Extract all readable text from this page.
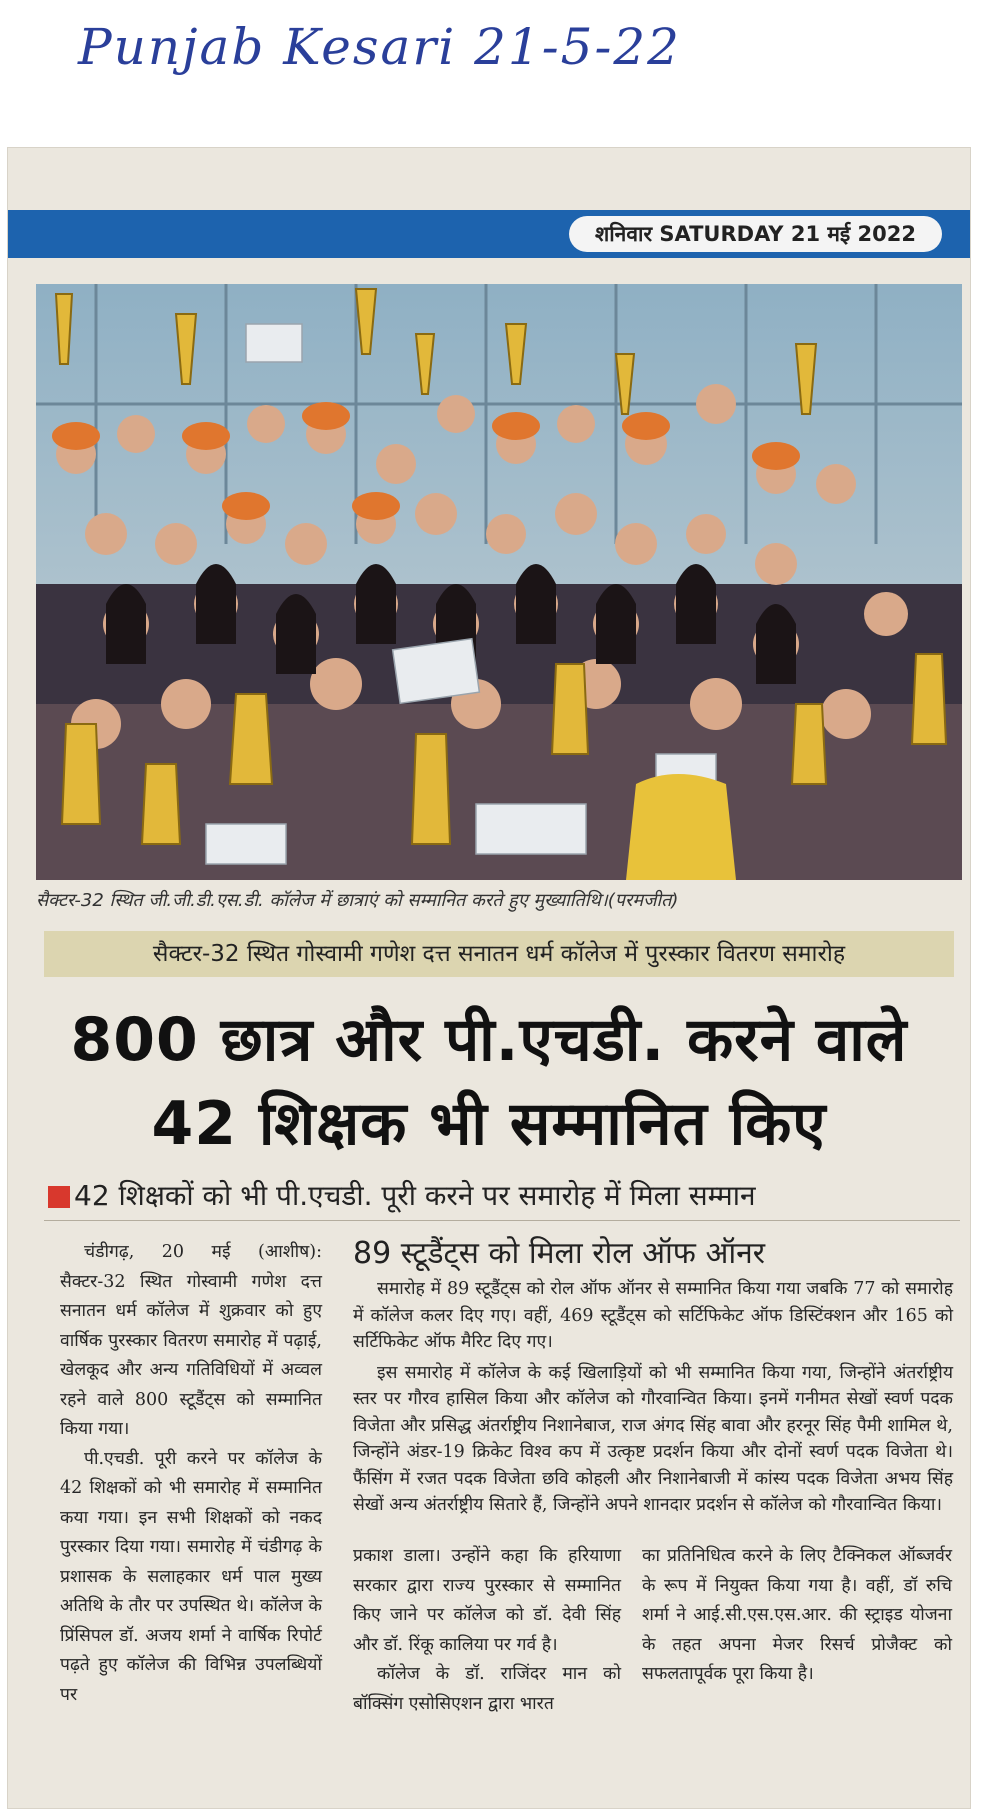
Punjab Kesari 21-5-22
शनिवार SATURDAY 21 मई 2022
सैक्टर-32 स्थित जी.जी.डी.एस.डी. कॉलेज में छात्राएं को सम्मानित करते हुए मुख्यातिथि।(परमजीत)
सैक्टर-32 स्थित गोस्वामी गणेश दत्त सनातन धर्म कॉलेज में पुरस्कार वितरण समारोह
800 छात्र और पी.एचडी. करने वाले
42 शिक्षक भी सम्मानित किए
42 शिक्षकों को भी पी.एचडी. पूरी करने पर समारोह में मिला सम्मान

चंडीगढ़, 20 मई (आशीष): सैक्टर-32 स्थित गोस्वामी गणेश दत्त सनातन धर्म कॉलेज में शुक्रवार को हुए वार्षिक पुरस्कार वितरण समारोह में पढ़ाई, खेलकूद और अन्य गतिविधियों में अव्वल रहने वाले 800 स्टूडैंट्स को सम्मानित किया गया।

पी.एचडी. पूरी करने पर कॉलेज के 42 शिक्षकों को भी समारोह में सम्मानित कया गया। इन सभी शिक्षकों को नकद पुरस्कार दिया गया। समारोह में चंडीगढ़ के प्रशासक के सलाहकार धर्म पाल मुख्य अतिथि के तौर पर उपस्थित थे। कॉलेज के प्रिंसिपल डॉ. अजय शर्मा ने वार्षिक रिपोर्ट पढ़ते हुए कॉलेज की विभिन्न उपलब्धियों पर

89 स्टूडैंट्स को मिला रोल ऑफ ऑनर

समारोह में 89 स्टूडैंट्स को रोल ऑफ ऑनर से सम्मानित किया गया जबकि 77 को समारोह में कॉलेज कलर दिए गए। वहीं, 469 स्टूडैंट्स को सर्टिफिकेट ऑफ डिस्टिंक्शन और 165 को सर्टिफिकेट ऑफ मैरिट दिए गए।

इस समारोह में कॉलेज के कई खिलाड़ियों को भी सम्मानित किया गया, जिन्होंने अंतर्राष्ट्रीय स्तर पर गौरव हासिल किया और कॉलेज को गौरवान्वित किया। इनमें गनीमत सेखों स्वर्ण पदक विजेता और प्रसिद्ध अंतर्राष्ट्रीय निशानेबाज, राज अंगद सिंह बावा और हरनूर सिंह पैमी शामिल थे, जिन्होंने अंडर-19 क्रिकेट विश्व कप में उत्कृष्ट प्रदर्शन किया और दोनों स्वर्ण पदक विजेता थे। फैंसिंग में रजत पदक विजेता छवि कोहली और निशानेबाजी में कांस्य पदक विजेता अभय सिंह सेखों अन्य अंतर्राष्ट्रीय सितारे हैं, जिन्होंने अपने शानदार प्रदर्शन से कॉलेज को गौरवान्वित किया।

प्रकाश डाला। उन्होंने कहा कि हरियाणा सरकार द्वारा राज्य पुरस्कार से सम्मानित किए जाने पर कॉलेज को डॉ. देवी सिंह और डॉ. रिंकू कालिया पर गर्व है।

कॉलेज के डॉ. राजिंदर मान को बॉक्सिंग एसोसिएशन द्वारा भारत

का प्रतिनिधित्व करने के लिए टैक्निकल ऑब्जर्वर के रूप में नियुक्त किया गया है। वहीं, डॉ रुचि शर्मा ने आई.सी.एस.एस.आर. की स्ट्राइड योजना के तहत अपना मेजर रिसर्च प्रोजैक्ट को सफलतापूर्वक पूरा किया है।
